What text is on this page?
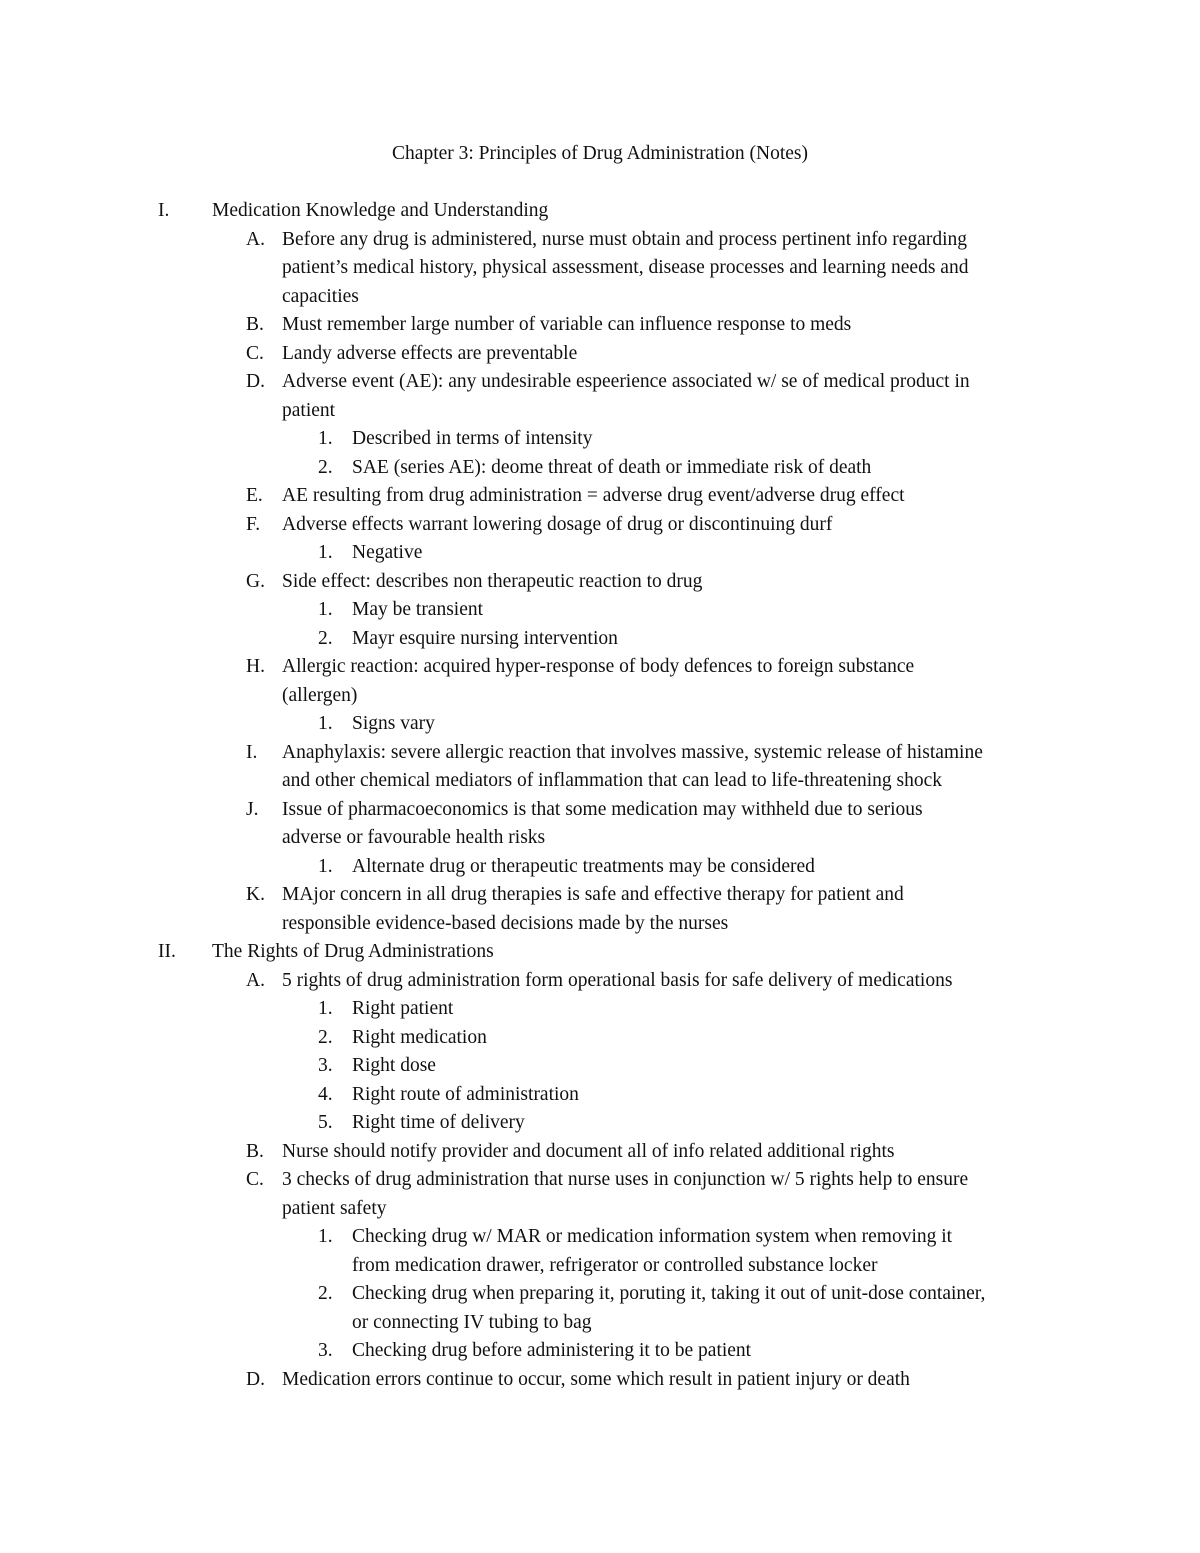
Chapter 3: Principles of Drug Administration (Notes)
I. Medication Knowledge and Understanding
A. Before any drug is administered, nurse must obtain and process pertinent info regarding
patient’s medical history, physical assessment, disease processes and learning needs and
capacities
B. Must remember large number of variable can influence response to meds
C. Landy adverse effects are preventable
D. Adverse event (AE): any undesirable espeerience associated w/ se of medical product in
patient
1. Described in terms of intensity
2. SAE (series AE): deome threat of death or immediate risk of death
E. AE resulting from drug administration = adverse drug event/adverse drug effect
F. Adverse effects warrant lowering dosage of drug or discontinuing durf
1. Negative
G. Side effect: describes non therapeutic reaction to drug
1. May be transient
2. Mayr esquire nursing intervention
H. Allergic reaction: acquired hyper-response of body defences to foreign substance
(allergen)
1. Signs vary
I. Anaphylaxis: severe allergic reaction that involves massive, systemic release of histamine
and other chemical mediators of inflammation that can lead to life-threatening shock
J. Issue of pharmacoeconomics is that some medication may withheld due to serious
adverse or favourable health risks
1. Alternate drug or therapeutic treatments may be considered
K. MAjor concern in all drug therapies is safe and effective therapy for patient and
responsible evidence-based decisions made by the nurses
II. The Rights of Drug Administrations
A. 5 rights of drug administration form operational basis for safe delivery of medications
1. Right patient
2. Right medication
3. Right dose
4. Right route of administration
5. Right time of delivery
B. Nurse should notify provider and document all of info related additional rights
C. 3 checks of drug administration that nurse uses in conjunction w/ 5 rights help to ensure
patient safety
1. Checking drug w/ MAR or medication information system when removing it
from medication drawer, refrigerator or controlled substance locker
2. Checking drug when preparing it, poruting it, taking it out of unit-dose container,
or connecting IV tubing to bag
3. Checking drug before administering it to be patient
D. Medication errors continue to occur, some which result in patient injury or death
